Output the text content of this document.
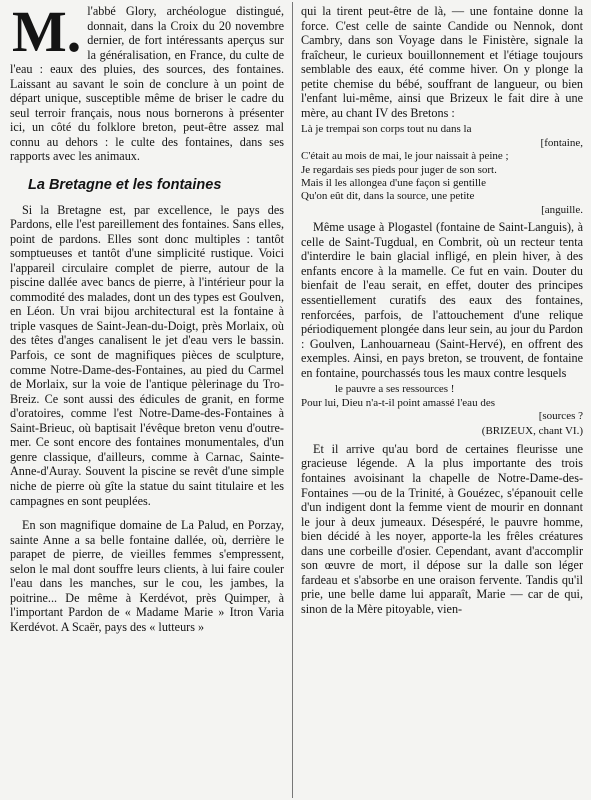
M. l'abbé Glory, archéologue distingué, donnait, dans la Croix du 20 novembre dernier, de fort intéressants aperçus sur la généralisation, en France, du culte de l'eau : eaux des pluies, des sources, des fontaines. Laissant au savant le soin de conclure à un point de départ unique, susceptible même de briser le cadre du seul terroir français, nous nous bornerons à présenter ici, un côté du folklore breton, peut-être assez mal connu au dehors : le culte des fontaines, dans ses rapports avec les animaux.

La Bretagne et les fontaines

Si la Bretagne est, par excellence, le pays des Pardons, elle l'est pareillement des fontaines. Sans elles, point de pardons. Elles sont donc multiples : tantôt somptueuses et tantôt d'une simplicité rustique. Voici l'appareil circulaire complet de pierre, autour de la piscine dallée avec bancs de pierre, à l'intérieur pour la commodité des malades, dont un des types est Goulven, en Léon. Un vrai bijou architectural est la fontaine à triple vasques de Saint-Jean-du-Doigt, près Morlaix, où des têtes d'anges canalisent le jet d'eau vers le bassin. Parfois, ce sont de magnifiques pièces de sculpture, comme Notre-Dame-des-Fontaines, au pied du Carmel de Morlaix, sur la voie de l'antique pèlerinage du Tro-Breiz. Ce sont aussi des édicules de granit, en forme d'oratoires, comme l'est Notre-Dame-des-Fontaines à Saint-Brieuc, où baptisait l'évêque breton venu d'outre-mer. Ce sont encore des fontaines monumentales, d'un genre classique, d'ailleurs, comme à Carnac, Sainte-Anne-d'Auray. Souvent la piscine se revêt d'une simple niche de pierre où gîte la statue du saint titulaire et les campagnes en sont peuplées.

En son magnifique domaine de La Palud, en Porzay, sainte Anne a sa belle fontaine dallée, où, derrière le parapet de pierre, de vieilles femmes s'empressent, selon le mal dont souffre leurs clients, à lui faire couler l'eau dans les manches, sur le cou, les jambes, la poitrine... De même à Kerdévot, près Quimper, à l'important Pardon de « Madame Marie » Itron Varia Kerdévot. A Scaër, pays des « lutteurs »

qui la tirent peut-être de là, — une fontaine donne la force. C'est celle de sainte Candide ou Nennok, dont Cambry, dans son Voyage dans le Finistère, signale la fraîcheur, le curieux bouillonnement et l'étiage toujours semblable des eaux, été comme hiver. On y plonge la petite chemise du bébé, souffrant de langueur, ou bien l'enfant lui-même, ainsi que Brizeux le fait dire à une mère, au chant IV des Bretons :

Là je trempai son corps tout nu dans la
[fontaine,
C'était au mois de mai, le jour naissait à peine ;
Je regardais ses pieds pour juger de son sort.
Mais il les allongea d'une façon si gentille
Qu'on eût dit, dans la source, une petite
[anguille.

Même usage à Plogastel (fontaine de Saint-Languis), à celle de Saint-Tugdual, en Combrit, où un recteur tenta d'interdire le bain glacial infligé, en plein hiver, à des enfants encore à la mamelle. Ce fut en vain. Douter du bienfait de l'eau serait, en effet, douter des principes essentiellement curatifs des eaux des fontaines, renforcées, parfois, de l'attouchement d'une relique périodiquement plongée dans leur sein, au jour du Pardon : Goulven, Lanhouarneau (Saint-Hervé), en offrent des exemples. Ainsi, en pays breton, se trouvent, de fontaine en fontaine, pourchassés tous les maux contre lesquels

le pauvre a ses ressources !
Pour lui, Dieu n'a-t-il point amassé l'eau des
[sources ?
(BRIZEUX, chant VI.)

Et il arrive qu'au bord de certaines fleurisse une gracieuse légende. A la plus importante des trois fontaines avoisinant la chapelle de Notre-Dame-des-Fontaines —ou de la Trinité, à Gouézec, s'épanouit celle d'un indigent dont la femme vient de mourir en donnant le jour à deux jumeaux. Désespéré, le pauvre homme, bien décidé à les noyer, apporte-la les frêles créatures dans une corbeille d'osier. Cependant, avant d'accomplir son œuvre de mort, il dépose sur la dalle son léger fardeau et s'absorbe en une oraison fervente. Tandis qu'il prie, une belle dame lui apparaît, Marie — car de qui, sinon de la Mère pitoyable, vien-
